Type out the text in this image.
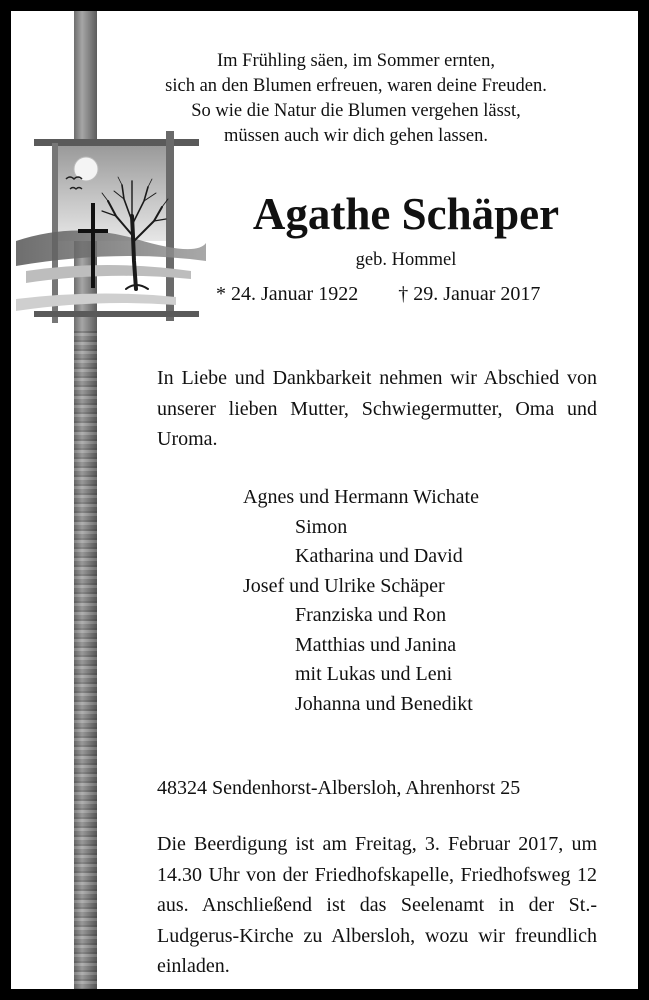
Im Frühling säen, im Sommer ernten,
sich an den Blumen erfreuen, waren deine Freuden.
So wie die Natur die Blumen vergehen lässt,
müssen auch wir dich gehen lassen.
Agathe Schäper
geb. Hommel
* 24. Januar 1922 † 29. Januar 2017
In Liebe und Dankbarkeit nehmen wir Abschied von unserer lieben Mutter, Schwiegermutter, Oma und Uroma.
Agnes und Hermann Wichate
Simon
Katharina und David
Josef und Ulrike Schäper
Franziska und Ron
Matthias und Janina
mit Lukas und Leni
Johanna und Benedikt
48324 Sendenhorst-Albersloh, Ahrenhorst 25
Die Beerdigung ist am Freitag, 3. Februar 2017, um 14.30 Uhr von der Friedhofskapelle, Friedhofsweg 12 aus. Anschließend ist das Seelenamt in der St.-Ludgerus-Kirche zu Albersloh, wozu wir freundlich einladen.
